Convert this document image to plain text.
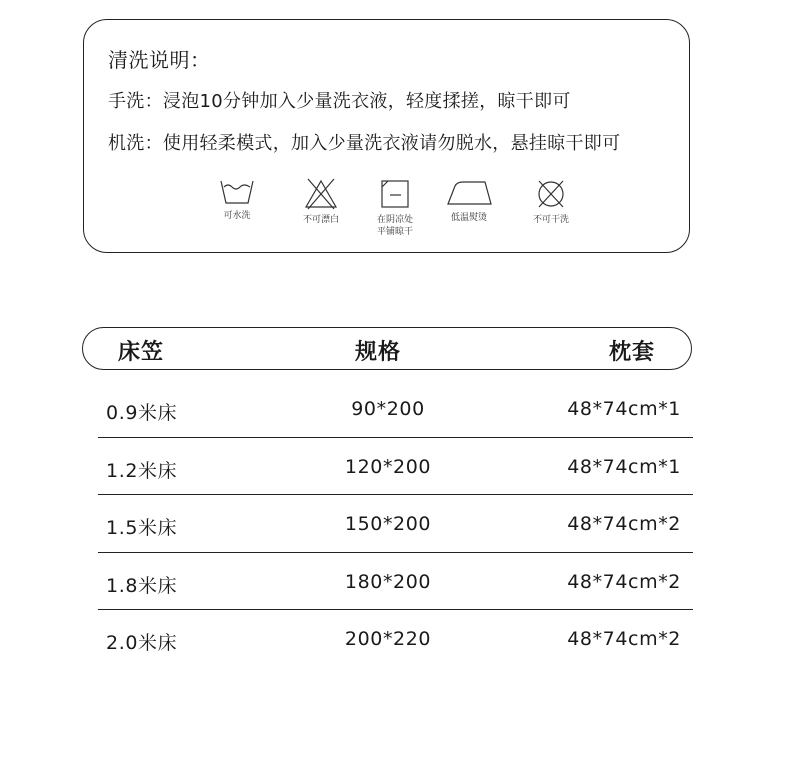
清洗说明：
手洗：浸泡10分钟加入少量洗衣液，轻度揉搓，晾干即可
机洗：使用轻柔模式，加入少量洗衣液请勿脱水，悬挂晾干即可
可水洗	不可漂白	在阴凉处
平铺晾干
低温熨烫	不可干洗
床笠	规格	枕套
0.9米床	90*200	48*74cm*1
1.2米床	120*200	48*74cm*1
1.5米床	150*200	48*74cm*2
1.8米床	180*200	48*74cm*2
2.0米床	200*220	48*74cm*2
